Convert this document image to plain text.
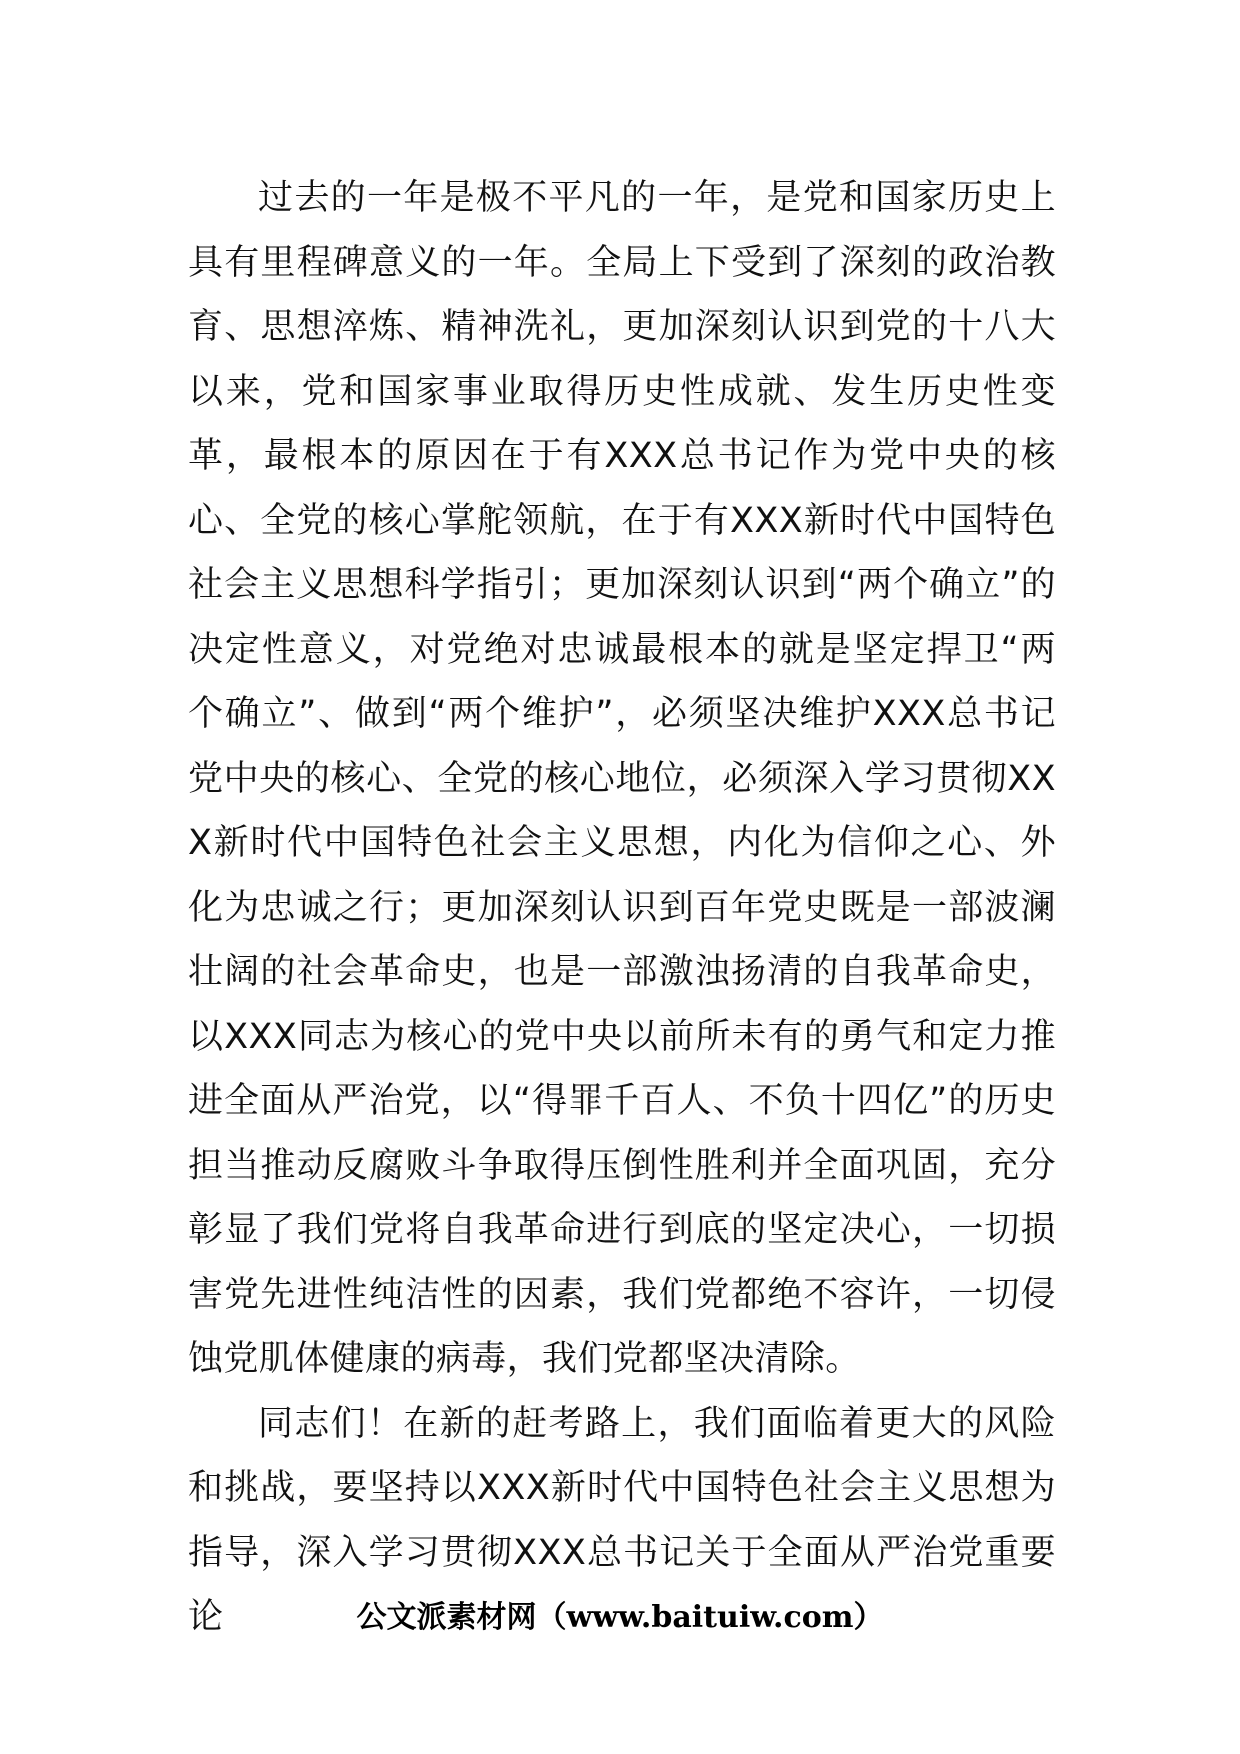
过去的一年是极不平凡的一年，是党和国家历史上具有里程碑意义的一年。全局上下受到了深刻的政治教育、思想淬炼、精神洗礼，更加深刻认识到党的十八大以来，党和国家事业取得历史性成就、发生历史性变革，最根本的原因在于有XXX总书记作为党中央的核心、全党的核心掌舵领航，在于有XXX新时代中国特色社会主义思想科学指引；更加深刻认识到“两个确立”的决定性意义，对党绝对忠诚最根本的就是坚定捍卫“两个确立”、做到“两个维护”，必须坚决维护XXX总书记党中央的核心、全党的核心地位，必须深入学习贯彻XXX新时代中国特色社会主义思想，内化为信仰之心、外化为忠诚之行；更加深刻认识到百年党史既是一部波澜壮阔的社会革命史，也是一部激浊扬清的自我革命史，以XXX同志为核心的党中央以前所未有的勇气和定力推进全面从严治党，以“得罪千百人、不负十四亿”的历史担当推动反腐败斗争取得压倒性胜利并全面巩固，充分彰显了我们党将自我革命进行到底的坚定决心，一切损害党先进性纯洁性的因素，我们党都绝不容许，一切侵蚀党肌体健康的病毒，我们党都坚决清除。

同志们！在新的赶考路上，我们面临着更大的风险和挑战，要坚持以XXX新时代中国特色社会主义思想为指导，深入学习贯彻XXX总书记关于全面从严治党重要论	公文派素材网（www.baituiw.com）
